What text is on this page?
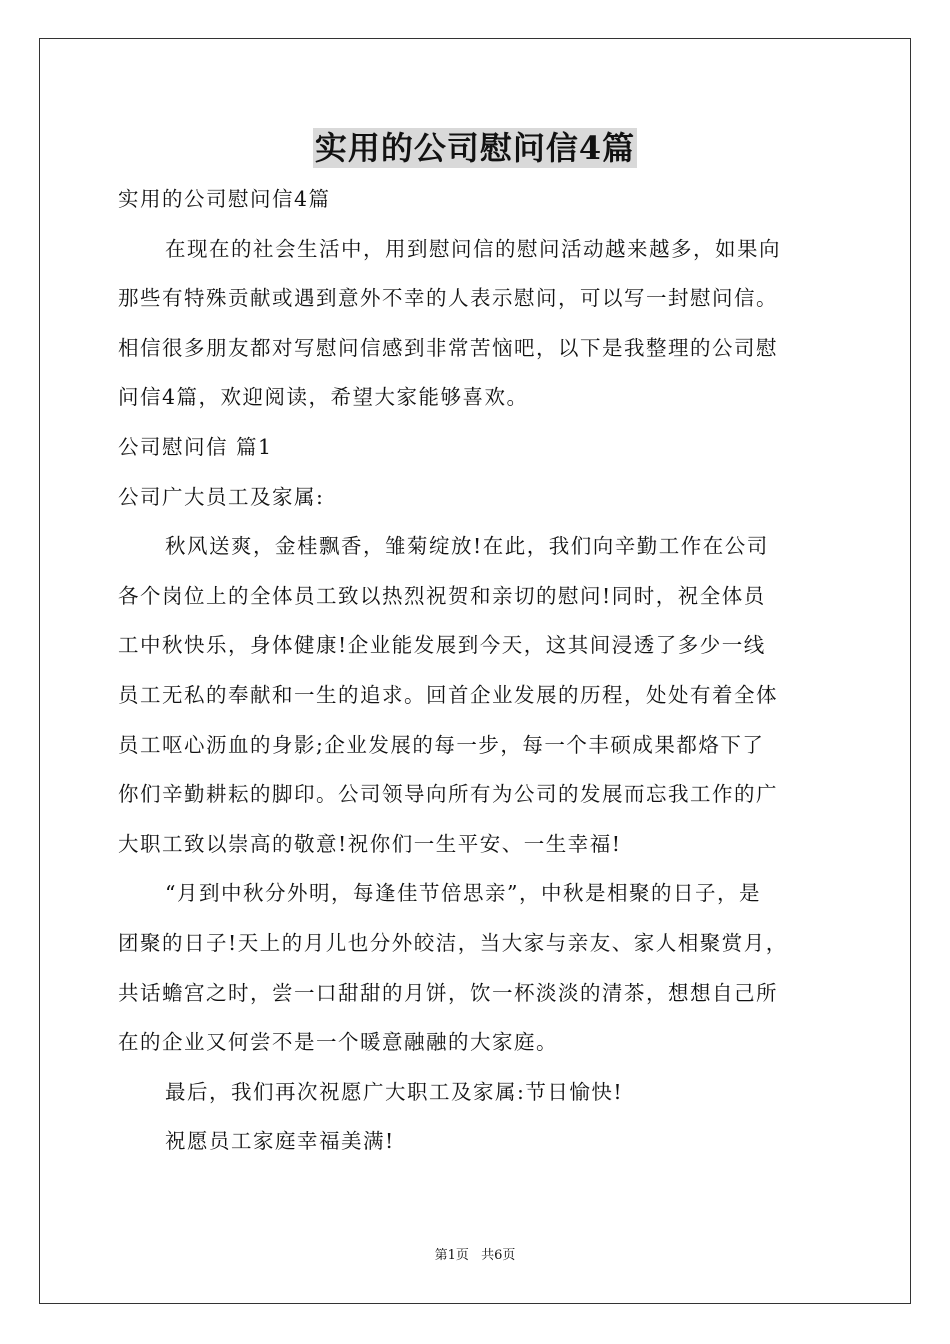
实用的公司慰问信4篇
实用的公司慰问信4篇
在现在的社会生活中，用到慰问信的慰问活动越来越多，如果向
那些有特殊贡献或遇到意外不幸的人表示慰问，可以写一封慰问信。
相信很多朋友都对写慰问信感到非常苦恼吧，以下是我整理的公司慰
问信4篇，欢迎阅读，希望大家能够喜欢。
公司慰问信 篇1
公司广大员工及家属:
秋风送爽，金桂飘香，雏菊绽放!在此，我们向辛勤工作在公司
各个岗位上的全体员工致以热烈祝贺和亲切的慰问!同时，祝全体员
工中秋快乐，身体健康!企业能发展到今天，这其间浸透了多少一线
员工无私的奉献和一生的追求。回首企业发展的历程，处处有着全体
员工呕心沥血的身影;企业发展的每一步，每一个丰硕成果都烙下了
你们辛勤耕耘的脚印。公司领导向所有为公司的发展而忘我工作的广
大职工致以崇高的敬意!祝你们一生平安、一生幸福!
“月到中秋分外明，每逢佳节倍思亲”，中秋是相聚的日子，是
团聚的日子!天上的月儿也分外皎洁，当大家与亲友、家人相聚赏月，
共话蟾宫之时，尝一口甜甜的月饼，饮一杯淡淡的清茶，想想自己所
在的企业又何尝不是一个暖意融融的大家庭。
最后，我们再次祝愿广大职工及家属:节日愉快!
祝愿员工家庭幸福美满!
第1页 共6页
